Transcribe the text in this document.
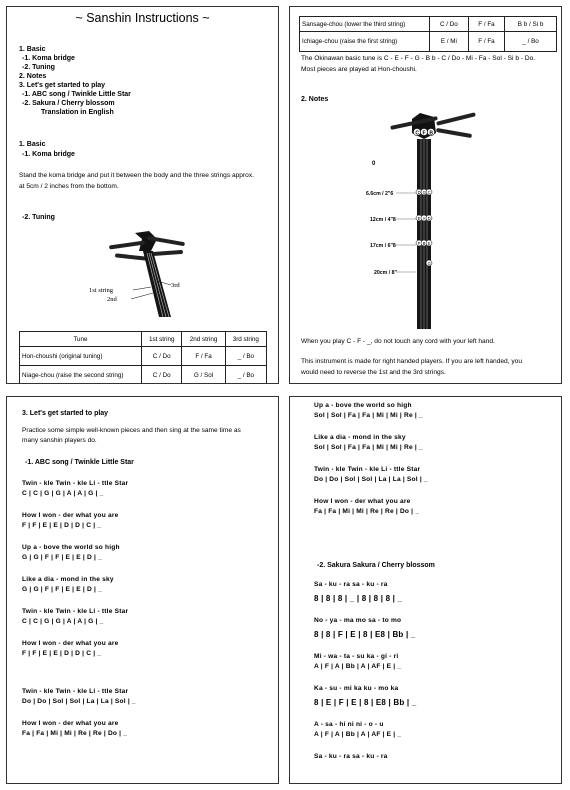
~ Sanshin Instructions ~
1. Basic
-1. Koma bridge
-2. Tuning
2. Notes
3. Let's get started to play
-1. ABC song / Twinkle Little Star
-2. Sakura / Cherry blossom
Translation in English
1. Basic
-1. Koma bridge
Stand the koma bridge and put it between the body and the three strings approx.
at 5cm / 2 inches from the bottom.
-2. Tuning
1st string
2nd
3rd
Tune	1st string	2nd string	3rd string
Hon-choushi (original tuning)	C / Do	F / Fa	_ / Bo
Niage-chou (raise the second string)	C / Do	G / Sol	_ / Bo
Sansage-chou (lower the third string)	C / Do	F / Fa	B b / Si b
Ichiage-chou (raise the first string)	E / Mi	F / Fa	_ / Bo
The Okinawan basic tune is C - E - F - G - B b - C / Do - Mi - Fa - Sol - Si b - Do.
Most pieces are played at Hon-choushi.
2. Notes
C F B
0
6.6cm / 2"6	D G C
12cm / 4"8	E A D
17cm / 6"8	F B E
20cm / 8"
G
When you play C - F - _, do not touch any cord with your left hand.
This instrument is made for right handed players. If you are left handed, you
would need to reverse the 1st and the 3rd strings.
3. Let's get started to play
Practice some simple well-known pieces and then sing at the same time as
many sanshin players do.
-1. ABC song / Twinkle Little Star
Twin - kle Twin - kle Li - ttle Star
C | C | G | G | A | A | G | _
How I won - der what you are
F | F | E | E | D | D | C | _
Up a - bove the world so high
G | G | F | F | E | E | D | _
Like a dia - mond in the sky
G | G | F | F | E | E | D | _
Twin - kle Twin - kle Li - ttle Star
C | C | G | G | A | A | G | _
How I won - der what you are
F | F | E | E | D | D | C | _
Twin - kle Twin - kle Li - ttle Star
Do | Do | Sol | Sol | La | La | Sol | _
How I won - der what you are
Fa | Fa | Mi | Mi | Re | Re | Do | _
Up a - bove the world so high
Sol | Sol | Fa | Fa | Mi | Mi | Re | _
Like a dia - mond in the sky
Sol | Sol | Fa | Fa | Mi | Mi | Re | _
Twin - kle Twin - kle Li - ttle Star
Do | Do | Sol | Sol | La | La | Sol | _
How I won - der what you are
Fa | Fa | Mi | Mi | Re | Re | Do | _
-2. Sakura Sakura / Cherry blossom
Sa - ku - ra sa - ku - ra
8 | 8 | 8 | _ | 8 | 8 | 8 | _
No - ya - ma mo sa - to mo
8 | 8 | F | E | 8 | E8 | Bb | _
Mi - wa - ta - su ka - gi - ri
A | F | A | Bb | A | AF | E | _
Ka - su - mi ka ku - mo ka
8 | E | F | E | 8 | E8 | Bb | _
A - sa - hi ni ni - o - u
A | F | A | Bb | A | AF | E | _
Sa - ku - ra sa - ku - ra
